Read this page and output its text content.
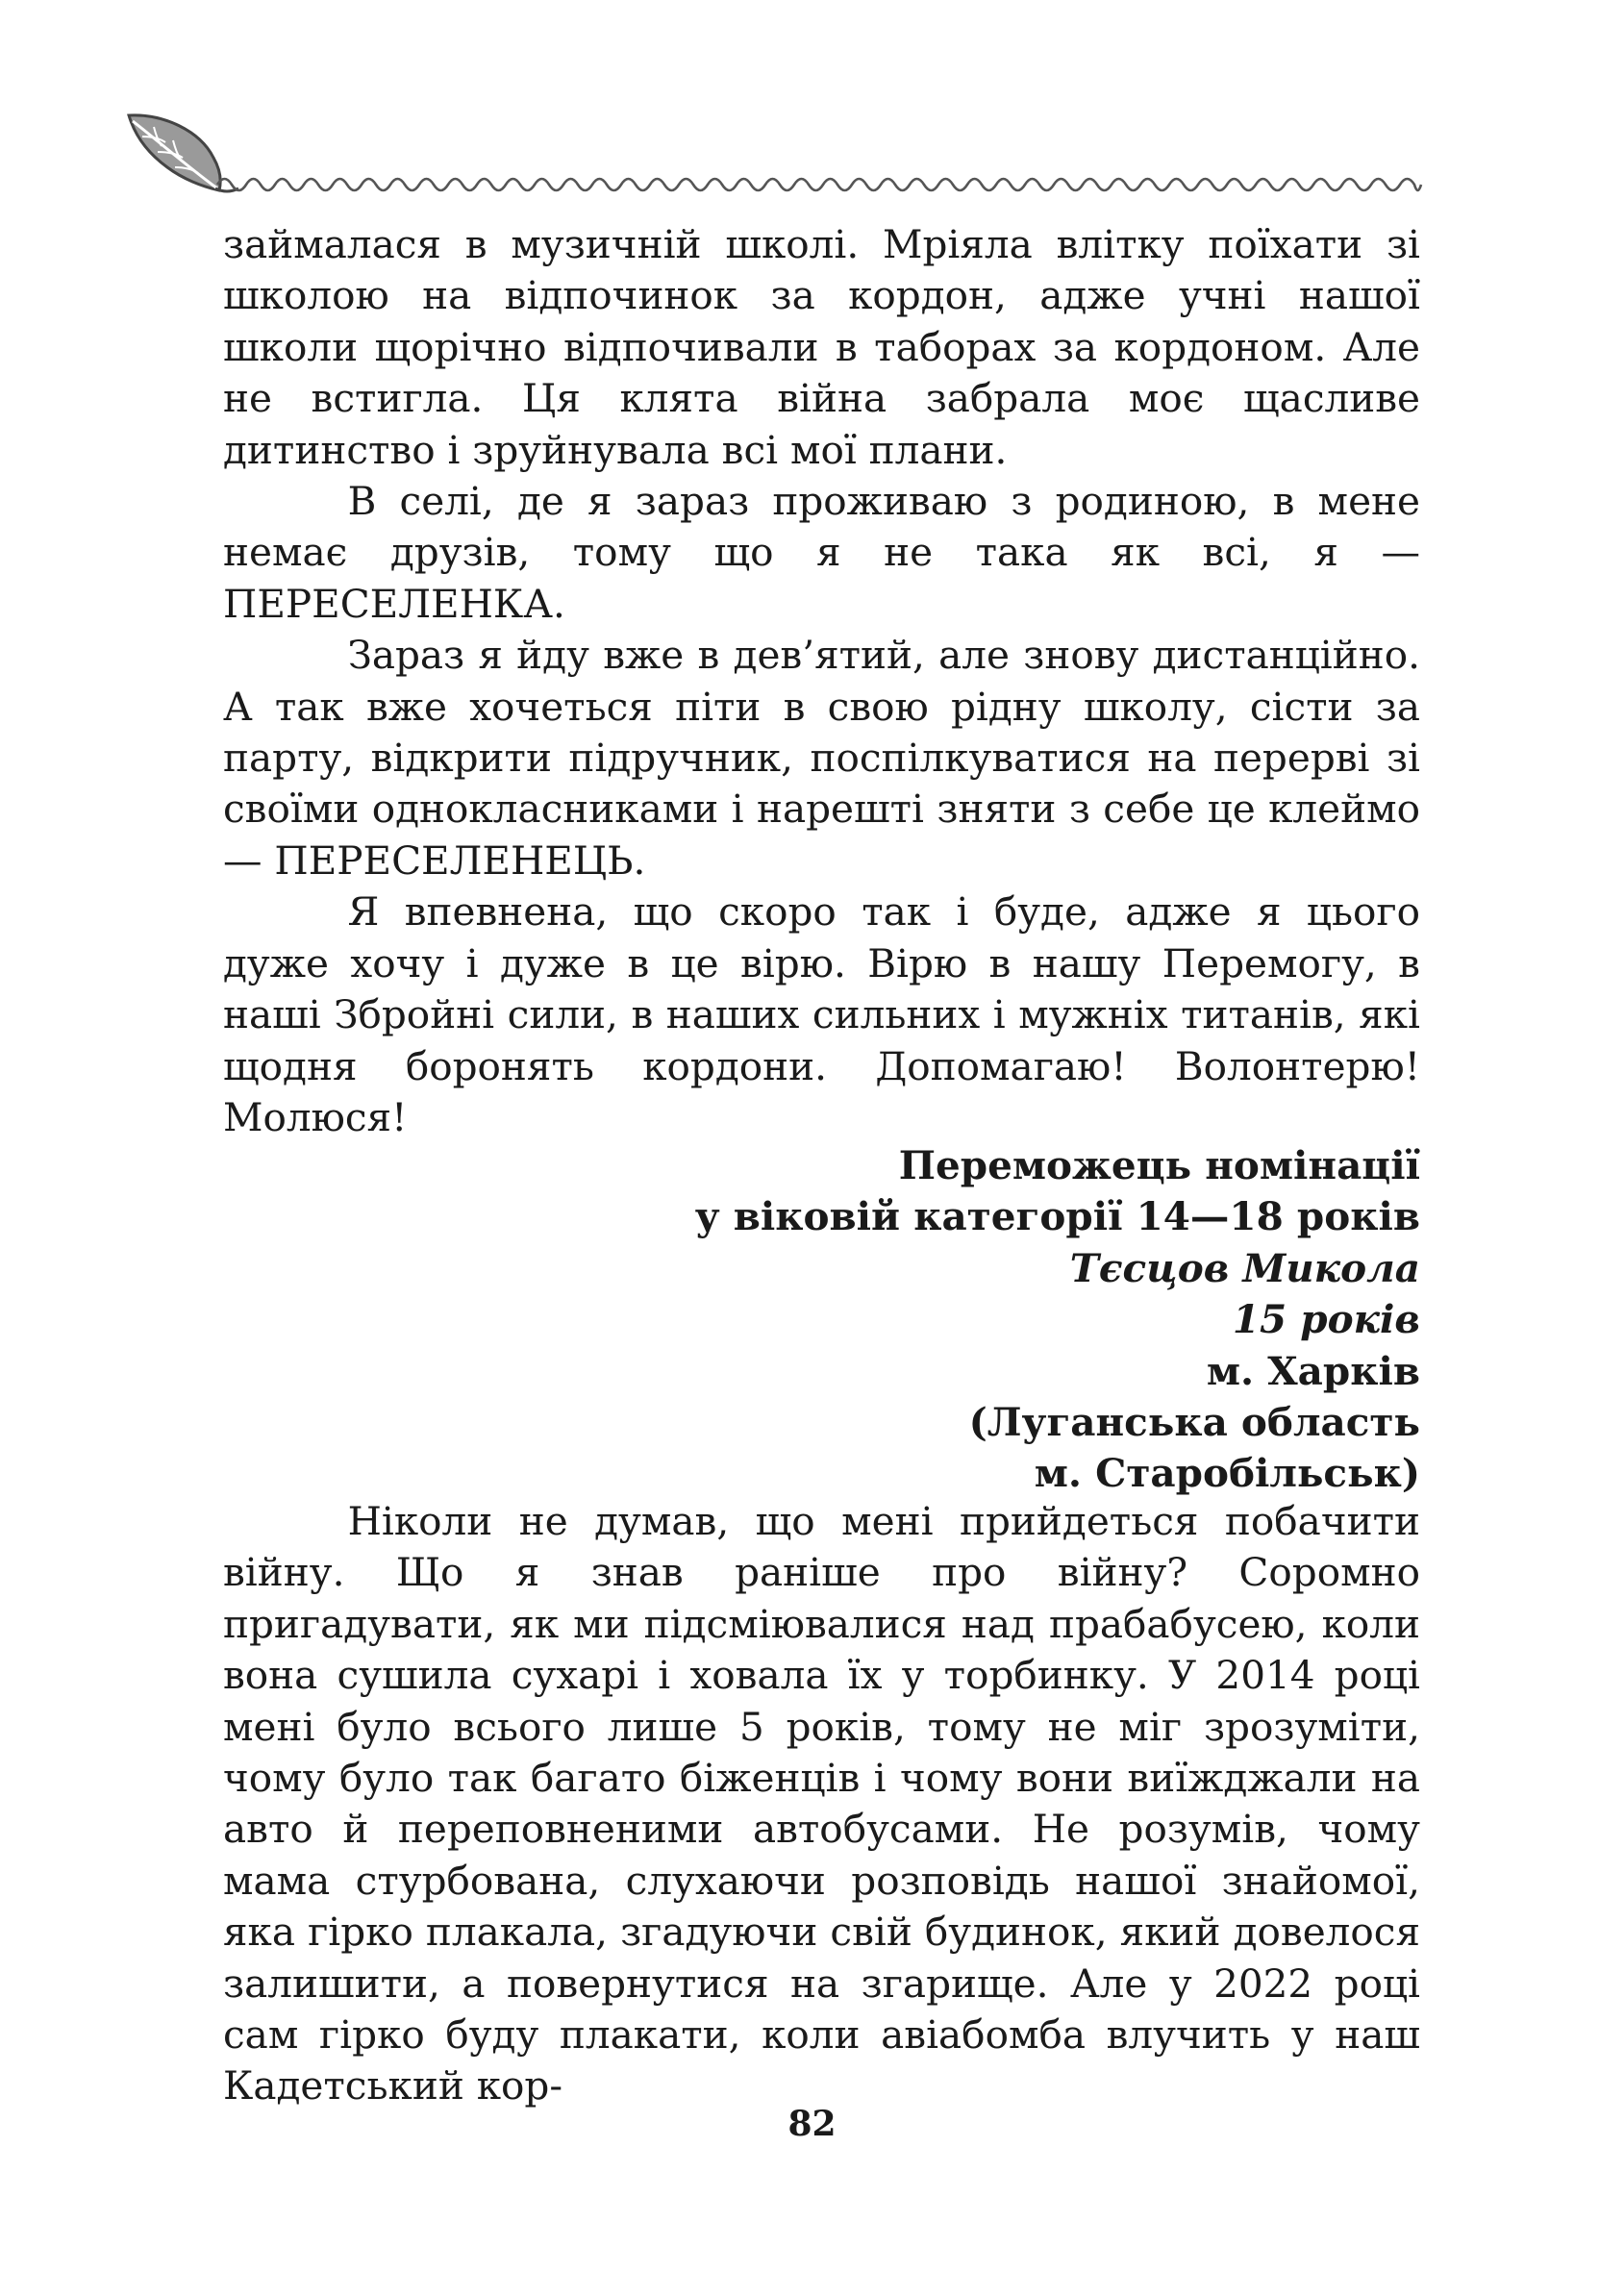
займалася в музичній школі. Мріяла влітку поїхати зі школою на відпочинок за кордон, адже учні нашої школи щорічно відпочивали в таборах за кордоном. Але не встигла. Ця клята війна забрала моє щасливе дитинство і зруйнувала всі мої плани.

В селі, де я зараз проживаю з родиною, в мене немає друзів, тому що я не така як всі, я — ПЕРЕСЕЛЕНКА.

Зараз я йду вже в дев’ятий, але знову дистанційно. А так вже хочеться піти в свою рідну школу, сісти за парту, відкрити підручник, поспілкуватися на перерві зі своїми однокласниками і нарешті зняти з себе це клеймо — ПЕРЕСЕЛЕНЕЦЬ.

Я впевнена, що скоро так і буде, адже я цього дуже хочу і дуже в це вірю. Вірю в нашу Перемогу, в наші Збройні сили, в наших сильних і мужніх титанів, які щодня боронять кордони. Допомагаю! Волонтерю! Молюся!

Переможець номінації
у віковій категорії 14—18 років
Тєсцов Микола
15 років
м. Харків
(Луганська область
м. Старобільськ)

Ніколи не думав, що мені прийдеться побачити війну. Що я знав раніше про війну? Соромно пригадувати, як ми підсміювалися над прабабусею, коли вона сушила сухарі і ховала їх у торбинку. У 2014 році мені було всього лише 5 років, тому не міг зрозуміти, чому було так багато біженців і чому вони виїжджали на авто й переповненими автобусами. Не розумів, чому мама стурбована, слухаючи розповідь нашої знайомої, яка гірко плакала, згадуючи свій будинок, який довелося залишити, а повернутися на згарище. Але у 2022 році сам гірко буду плакати, коли авіабомба влучить у наш Кадетський кор-

82
